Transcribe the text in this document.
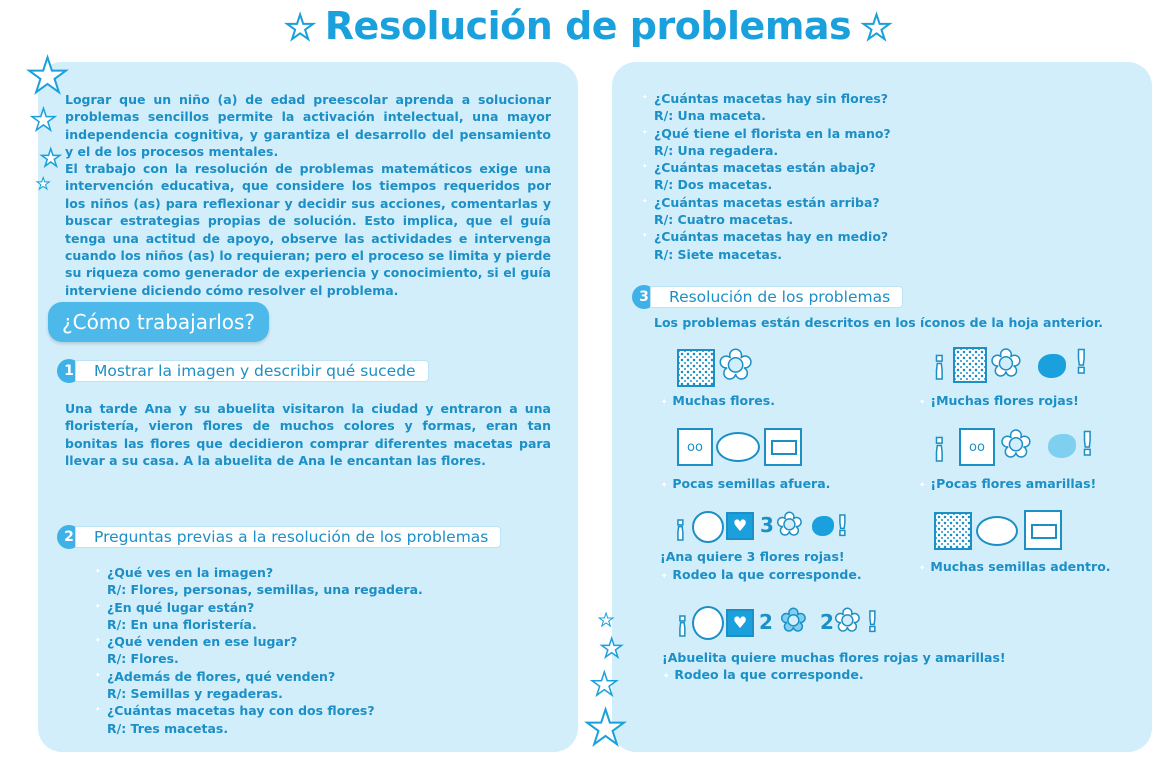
★ Resolución de problemas ★
★
★
★
★
★
★
★
★
Lograr que un niño (a) de edad preescolar aprenda a solucionar problemas sencillos permite la activación intelectual, una mayor independencia cognitiva, y garantiza el desarrollo del pensamiento y el de los procesos mentales.
El trabajo con la resolución de problemas matemáticos exige una intervención educativa, que considere los tiempos requeridos por los niños (as) para reflexionar y decidir sus acciones, comentarlas y buscar estrategias propias de solución. Esto implica, que el guía tenga una actitud de apoyo, observe las actividades e intervenga cuando los niños (as) lo requieran; pero el proceso se limita y pierde su riqueza como generador de experiencia y conocimiento, si el guía interviene diciendo cómo resolver el problema.
¿Cómo trabajarlos?
1	Mostrar la imagen y describir qué sucede
Una tarde Ana y su abuelita visitaron la ciudad y entraron a una floristería, vieron flores de muchos colores y formas, eran tan bonitas las flores que decidieron comprar diferentes macetas para llevar a su casa. A la abuelita de Ana le encantan las flores.
2	Preguntas previas a la resolución de los problemas
✦ ¿Qué ves en la imagen?
R/: Flores, personas, semillas, una regadera.
✦ ¿En qué lugar están?
R/: En una floristería.
✦ ¿Qué venden en ese lugar?
R/: Flores.
✦ ¿Además de flores, qué venden?
R/: Semillas y regaderas.
✦ ¿Cuántas macetas hay con dos flores?
R/: Tres macetas.
✦ ¿Cuántas macetas hay sin flores?
R/: Una maceta.
✦ ¿Qué tiene el florista en la mano?
R/: Una regadera.
✦ ¿Cuántas macetas están abajo?
R/: Dos macetas.
✦ ¿Cuántas macetas están arriba?
R/: Cuatro macetas.
✦ ¿Cuántas macetas hay en medio?
R/: Siete macetas.
3	Resolución de los problemas
Los problemas están descritos en los íconos de la hoja anterior.
✿
✦ Muchas flores.
¡ ✿ !
✦ ¡Muchas flores rojas!
oo
✦ Pocas semillas afuera.
¡ oo ✿ !
✦ ¡Pocas flores amarillas!
¡	♥ 3 ✿ !
¡Ana quiere 3 flores rojas!
✦ Rodeo la que corresponde.	✦ Muchas semillas adentro.
¡	♥ 2 ✿ 2 ✿ !
¡Abuelita quiere muchas flores rojas y amarillas!
✦ Rodeo la que corresponde.
